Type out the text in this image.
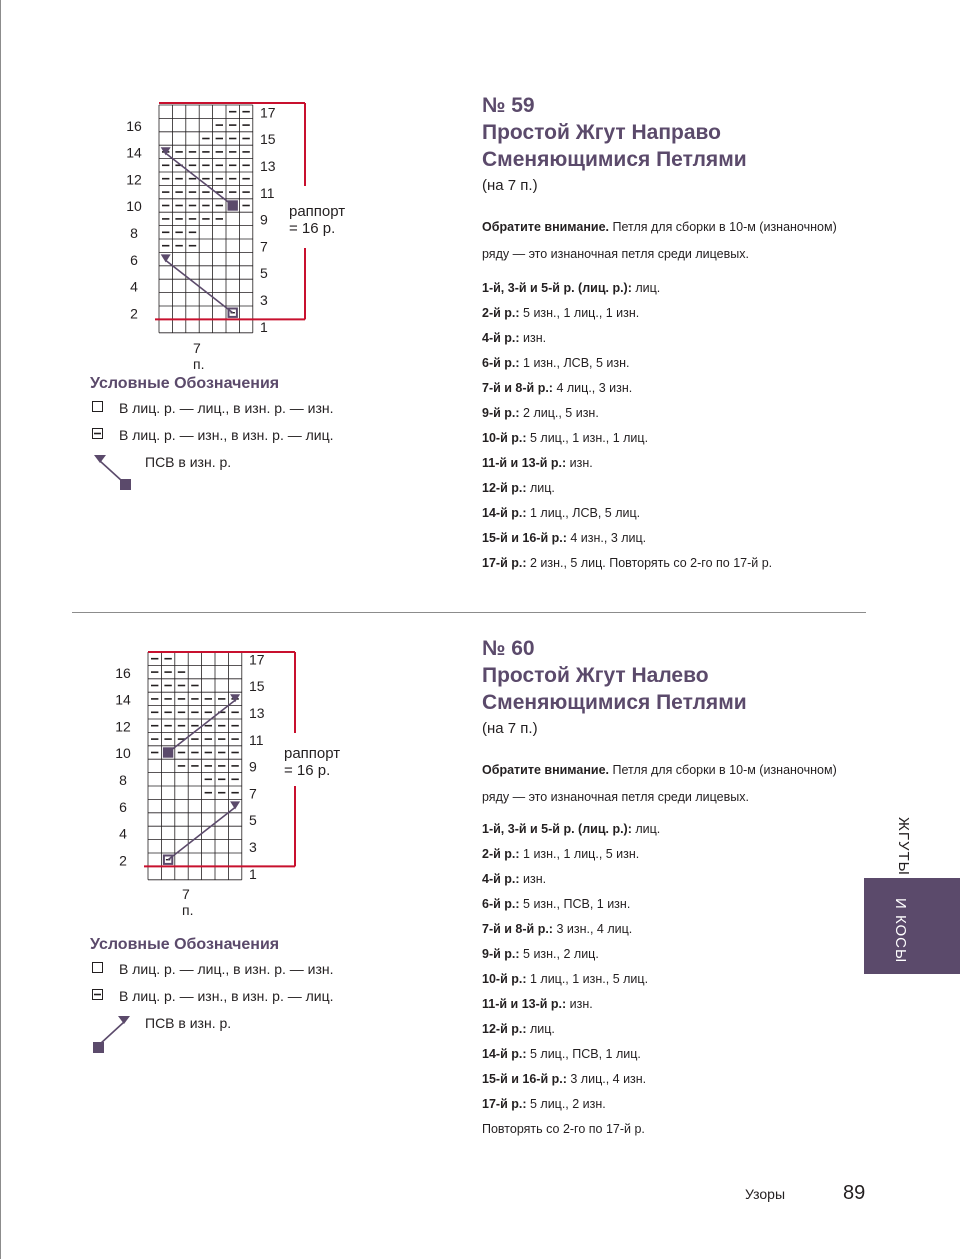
17
15
13
11
9
7
5
3
1
16
14
12
10
8
6
4
2
раппорт = 16 р.
7 п.
Условные Обозначения
В лиц. р. — лиц., в изн. р. — изн.
В лиц. р. — изн., в изн. р. — лиц.
ПСВ в изн. р.
№ 59
Простой Жгут Направо
Сменяющимися Петлями
(на 7 п.)
Обратите внимание. Петля для сборки в 10-м (изнаночном) ряду — это изнаночная петля среди лицевых.
1-й, 3-й и 5-й р. (лиц. р.): лиц.
2-й р.: 5 изн., 1 лиц., 1 изн.
4-й р.: изн.
6-й р.: 1 изн., ЛСВ, 5 изн.
7-й и 8-й р.: 4 лиц., 3 изн.
9-й р.: 2 лиц., 5 изн.
10-й р.: 5 лиц., 1 изн., 1 лиц.
11-й и 13-й р.: изн.
12-й р.: лиц.
14-й р.: 1 лиц., ЛСВ, 5 лиц.
15-й и 16-й р.: 4 изн., 3 лиц.
17-й р.: 2 изн., 5 лиц. Повторять со 2-го по 17-й р.
17
15
13
11
9
7
5
3
1
16
14
12
10
8
6
4
2
раппорт = 16 р.
7 п.
Условные Обозначения
В лиц. р. — лиц., в изн. р. — изн.
В лиц. р. — изн., в изн. р. — лиц.
ПСВ в изн. р.
№ 60
Простой Жгут Налево
Сменяющимися Петлями
(на 7 п.)
Обратите внимание. Петля для сборки в 10-м (изнаночном) ряду — это изнаночная петля среди лицевых.
1-й, 3-й и 5-й р. (лиц. р.): лиц.
2-й р.: 1 изн., 1 лиц., 5 изн.
4-й р.: изн.
6-й р.: 5 изн., ПСВ, 1 изн.
7-й и 8-й р.: 3 изн., 4 лиц.
9-й р.: 5 изн., 2 лиц.
10-й р.: 1 лиц., 1 изн., 5 лиц.
11-й и 13-й р.: изн.
12-й р.: лиц.
14-й р.: 5 лиц., ПСВ, 1 лиц.
15-й и 16-й р.: 3 лиц., 4 изн.
17-й р.: 5 лиц., 2 изн.
Повторять со 2-го по 17-й р.
ЖГУТЫ
И КОСЫ
Узоры	89
